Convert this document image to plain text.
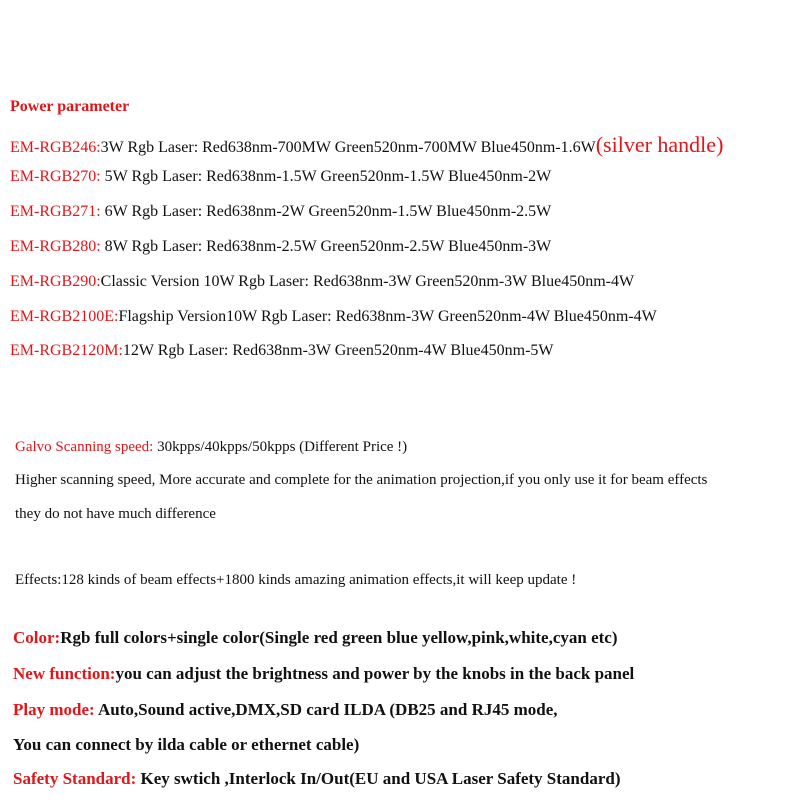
Power parameter
EM-RGB246:3W Rgb Laser: Red638nm-700MW Green520nm-700MW Blue450nm-1.6W(silver handle)
EM-RGB270: 5W Rgb Laser: Red638nm-1.5W Green520nm-1.5W Blue450nm-2W
EM-RGB271: 6W Rgb Laser: Red638nm-2W Green520nm-1.5W Blue450nm-2.5W
EM-RGB280: 8W Rgb Laser: Red638nm-2.5W Green520nm-2.5W Blue450nm-3W
EM-RGB290:Classic Version 10W Rgb Laser: Red638nm-3W Green520nm-3W Blue450nm-4W
EM-RGB2100E:Flagship Version10W Rgb Laser: Red638nm-3W Green520nm-4W Blue450nm-4W
EM-RGB2120M:12W Rgb Laser: Red638nm-3W Green520nm-4W Blue450nm-5W
Galvo Scanning speed: 30kpps/40kpps/50kpps (Different Price !)
Higher scanning speed, More accurate and complete for the animation projection,if you only use it for beam effects
they do not have much difference
Effects:128 kinds of beam effects+1800 kinds amazing animation effects,it will keep update !
Color:Rgb full colors+single color(Single red green blue yellow,pink,white,cyan etc)
New function:you can adjust the brightness and power by the knobs in the back panel
Play mode: Auto,Sound active,DMX,SD card ILDA (DB25 and RJ45 mode,
You can connect by ilda cable or ethernet cable)
Safety Standard: Key swtich ,Interlock In/Out(EU and USA Laser Safety Standard)
